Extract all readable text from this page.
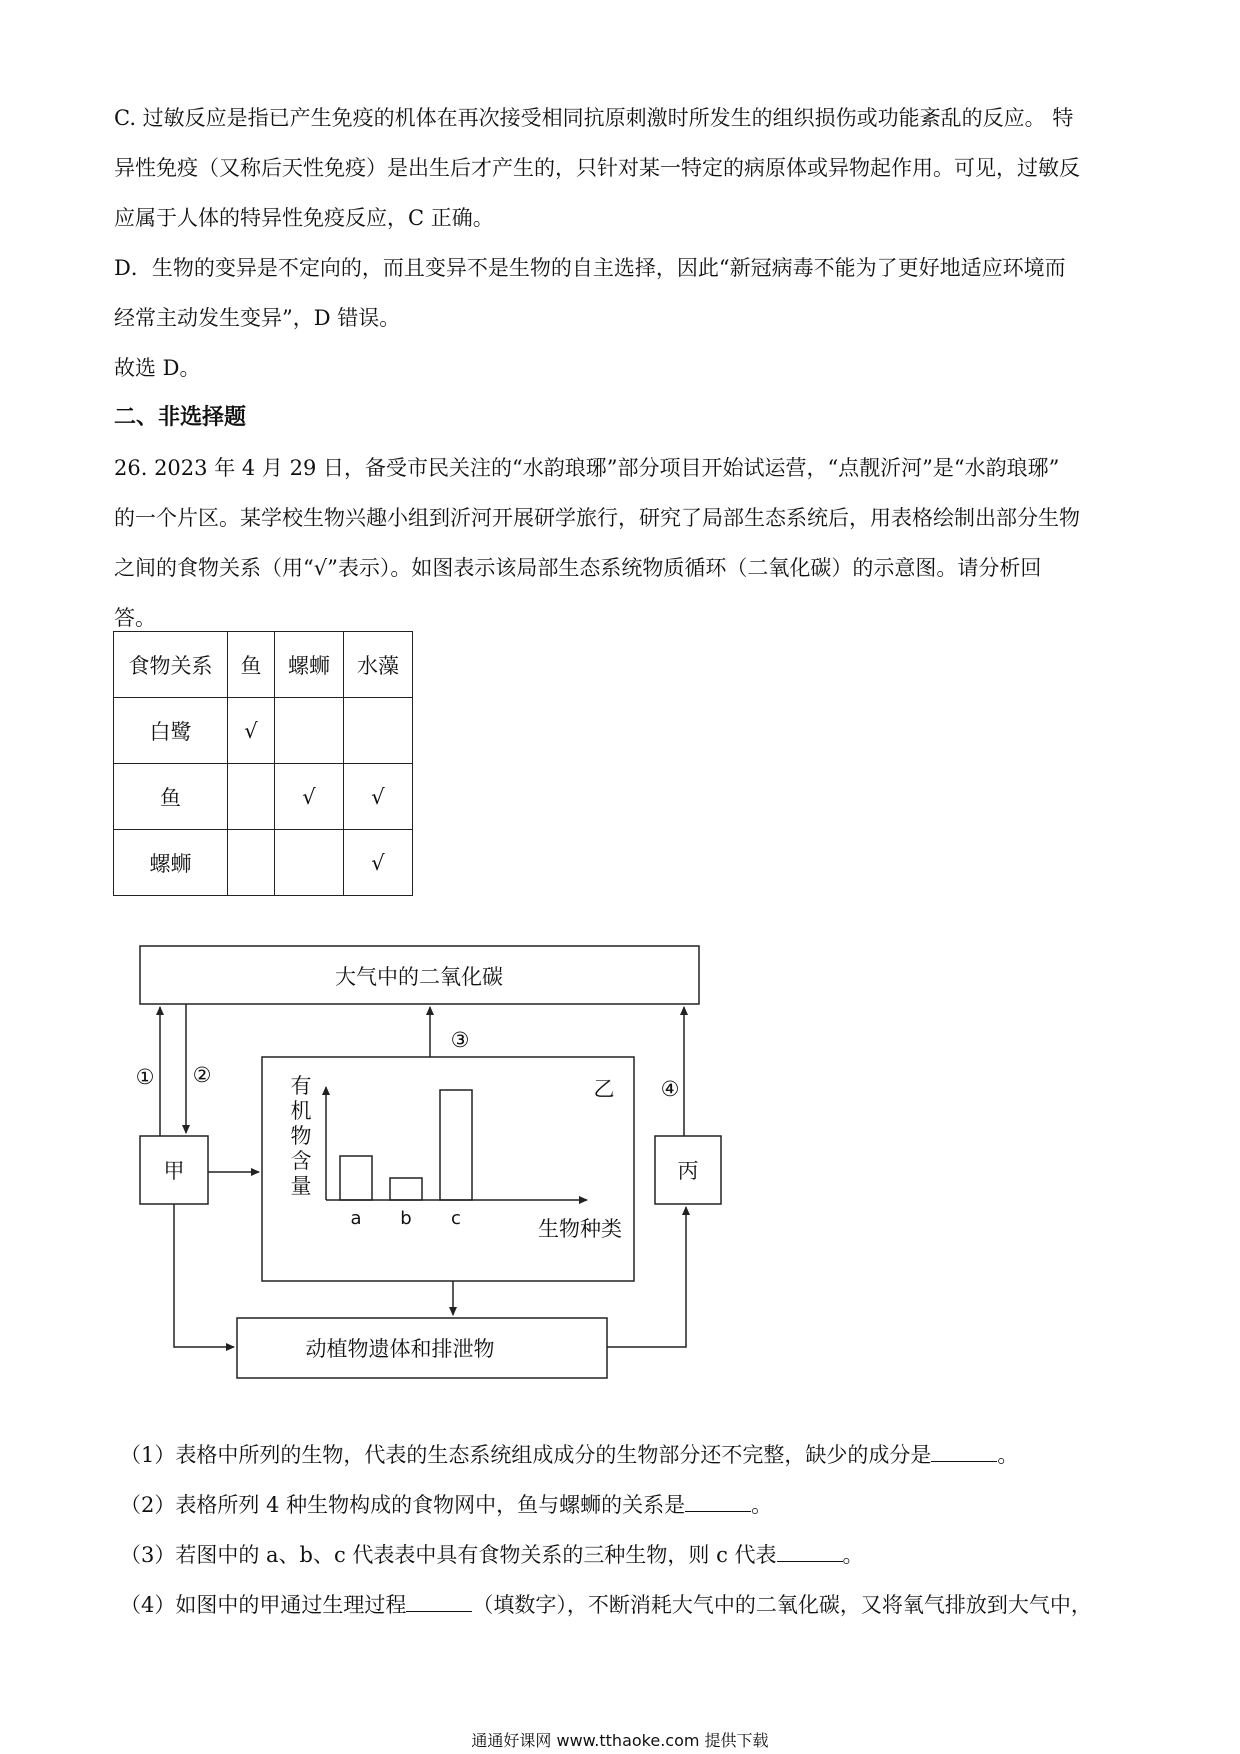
C. 过敏反应是指已产生免疫的机体在再次接受相同抗原刺激时所发生的组织损伤或功能紊乱的反应。 特
异性免疫（又称后天性免疫）是出生后才产生的，只针对某一特定的病原体或异物起作用。可见，过敏反
应属于人体的特异性免疫反应，C 正确。
D．生物的变异是不定向的，而且变异不是生物的自主选择，因此“新冠病毒不能为了更好地适应环境而
经常主动发生变异”，D 错误。
故选 D。
二、非选择题
26. 2023 年 4 月 29 日，备受市民关注的“水韵琅琊”部分项目开始试运营，“点靓沂河”是“水韵琅琊”
的一个片区。某学校生物兴趣小组到沂河开展研学旅行，研究了局部生态系统后，用表格绘制出部分生物
之间的食物关系（用“√”表示）。如图表示该局部生态系统物质循环（二氧化碳）的示意图。请分析回
答。
食物关系	鱼	螺蛳	水藻
白鹭	√		
鱼		√	√
螺蛳			√
大气中的二氧化碳
甲	丙
乙
动植物遗体和排泄物
① ②
③
④
生物种类
有
机
物
含
量
a b c
（1）表格中所列的生物，代表的生态系统组成成分的生物部分还不完整，缺少的成分是	。
（2）表格所列 4 种生物构成的食物网中，鱼与螺蛳的关系是	。
（3）若图中的 a、b、c 代表表中具有食物关系的三种生物，则 c 代表	。
（4）如图中的甲通过生理过程	（填数字），不断消耗大气中的二氧化碳，又将氧气排放到大气中，
通通好课网 www.tthaoke.com 提供下载
